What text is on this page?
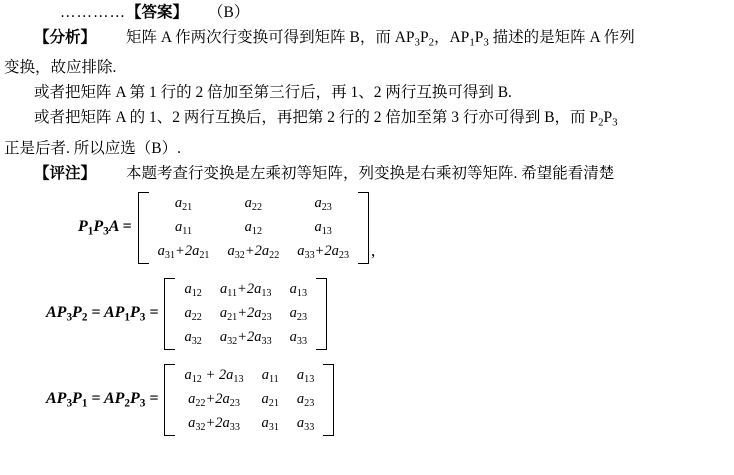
…………【答案】 （B）
【分析】 矩阵 A 作两次行变换可得到矩阵 B，而 $AP_3P_2$，$AP_1P_3$ 描述的是矩阵 A 作列
变换，故应排除.
或者把矩阵 A 第 1 行的 2 倍加至第三行后，再 1、2 两行互换可得到 B.
或者把矩阵 A 的 1、2 两行互换后，再把第 2 行的 2 倍加至第 3 行亦可得到 B，而 $P_2P_3$
正是后者. 所以应选（B）.
【评注】 本题考查行变换是左乘初等矩阵，列变换是右乘初等矩阵. 希望能看清楚
$P_1P_3A$ =
$a_{21}$	$a_{22}$	$a_{23}$
$a_{11}$	$a_{12}$	$a_{13}$
$a_{31}+2a_{21}$	$a_{32}+2a_{22}$	$a_{33}+2a_{23}$ ,
$AP_3P_2 = AP_1P_3$ =
$a_{12}$	$a_{11}+2a_{13}$	$a_{13}$
$a_{22}$	$a_{21}+2a_{23}$	$a_{23}$
$a_{32}$	$a_{32}+2a_{33}$	$a_{33}$
$AP_3P_1 = AP_2P_3$ =
$a_{12} + 2a_{13}$	$a_{11}$	$a_{13}$
$a_{22}+2a_{23}$	$a_{21}$	$a_{23}$
$a_{32}+2a_{33}$	$a_{31}$	$a_{33}$
